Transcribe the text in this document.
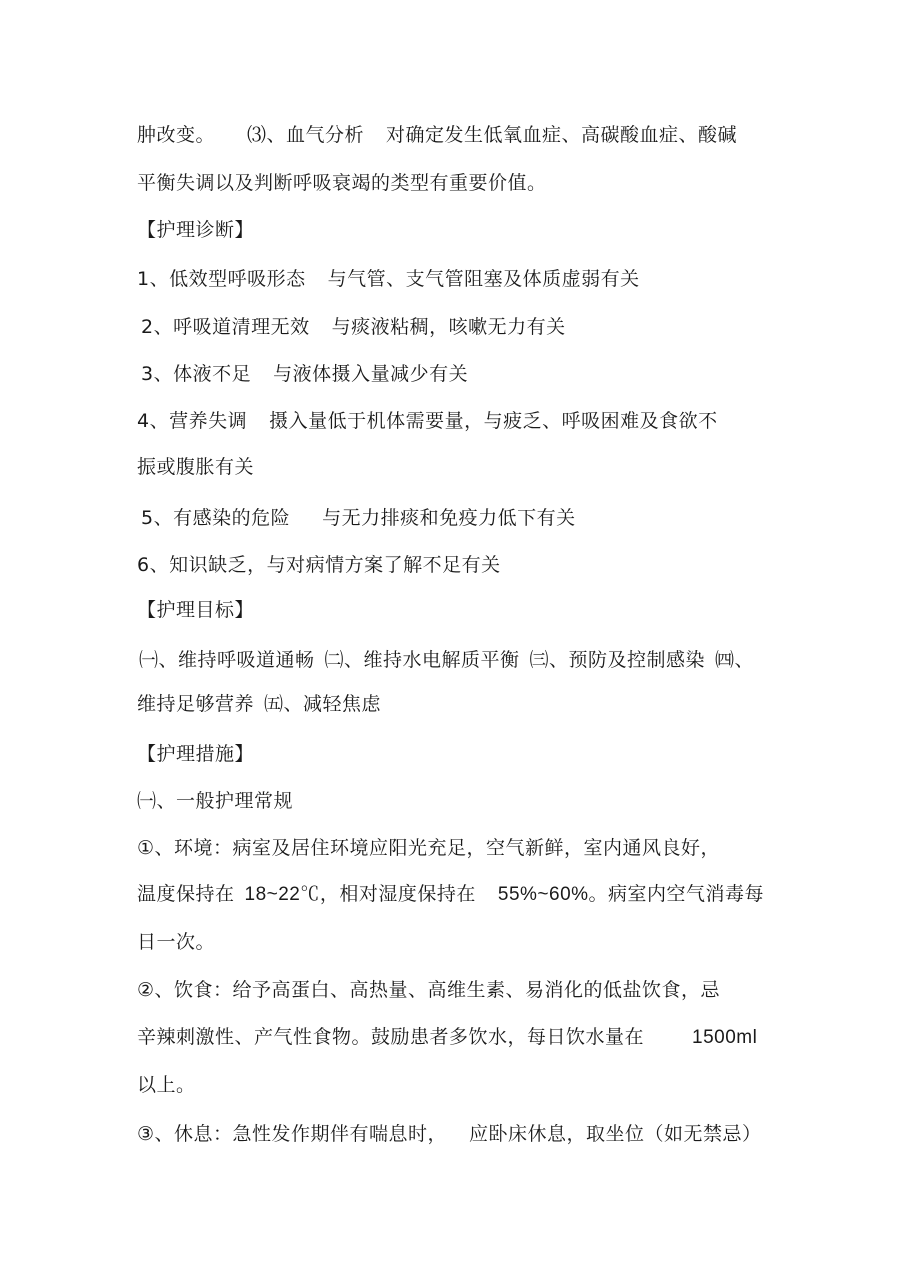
肿改变。 ⑶、血气分析 对确定发生低氧血症、高碳酸血症、酸碱
平衡失调以及判断呼吸衰竭的类型有重要价值。
【护理诊断】
1、低效型呼吸形态 与气管、支气管阻塞及体质虚弱有关
2、呼吸道清理无效 与痰液粘稠，咳嗽无力有关
3、体液不足 与液体摄入量减少有关
4、营养失调 摄入量低于机体需要量，与疲乏、呼吸困难及食欲不
振或腹胀有关
5、有感染的危险 与无力排痰和免疫力低下有关
6、知识缺乏，与对病情方案了解不足有关
【护理目标】
㈠、维持呼吸道通畅 ㈡、维持水电解质平衡 ㈢、预防及控制感染 ㈣、
维持足够营养 ㈤、减轻焦虑
【护理措施】
㈠、一般护理常规
①、环境：病室及居住环境应阳光充足，空气新鲜，室内通风良好，
温度保持在 18~22℃，相对湿度保持在 55%~60%。病室内空气消毒每
日一次。
②、饮食：给予高蛋白、高热量、高维生素、易消化的低盐饮食，忌
辛辣刺激性、产气性食物。鼓励患者多饮水，每日饮水量在	1500ml
以上。
③、休息：急性发作期伴有喘息时， 应卧床休息，取坐位（如无禁忌）
